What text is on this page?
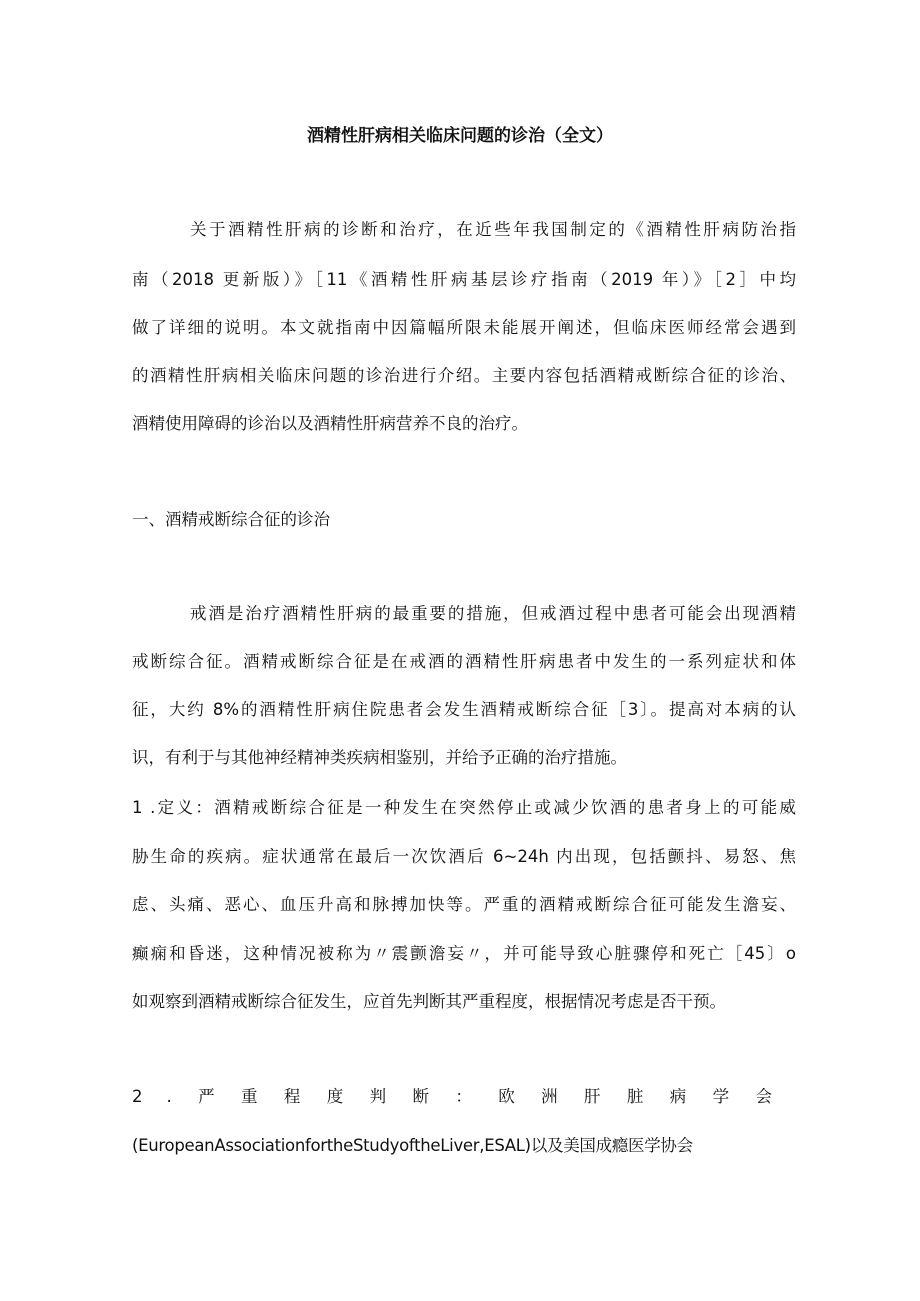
酒精性肝病相关临床问题的诊治（全文）
关于酒精性肝病的诊断和治疗，在近些年我国制定的《酒精性肝病防治指
南（2018 更新版）》［11《酒精性肝病基层诊疗指南（2019 年）》［2］中均
做了详细的说明。本文就指南中因篇幅所限未能展开阐述，但临床医师经常会遇到
的酒精性肝病相关临床问题的诊治进行介绍。主要内容包括酒精戒断综合征的诊治、
酒精使用障碍的诊治以及酒精性肝病营养不良的治疗。
一、酒精戒断综合征的诊治
戒酒是治疗酒精性肝病的最重要的措施，但戒酒过程中患者可能会出现酒精
戒断综合征。酒精戒断综合征是在戒酒的酒精性肝病患者中发生的一系列症状和体
征，大约 8%的酒精性肝病住院患者会发生酒精戒断综合征［3〕。提高对本病的认
识，有利于与其他神经精神类疾病相鉴别，并给予正确的治疗措施。
1 .定义：酒精戒断综合征是一种发生在突然停止或减少饮酒的患者身上的可能威
胁生命的疾病。症状通常在最后一次饮酒后 6~24h 内出现，包括颤抖、易怒、焦
虑、头痛、恶心、血压升高和脉搏加快等。严重的酒精戒断综合征可能发生澹妄、
癫痫和昏迷，这种情况被称为〃震颤澹妄〃，并可能导致心脏骤停和死亡［45〕o
如观察到酒精戒断综合征发生，应首先判断其严重程度，根据情况考虑是否干预。
2.严重程度判断：欧洲肝脏病学会
(EuropeanAssociationfortheStudyoftheLiver,ESAL)以及美国成瘾医学协会
